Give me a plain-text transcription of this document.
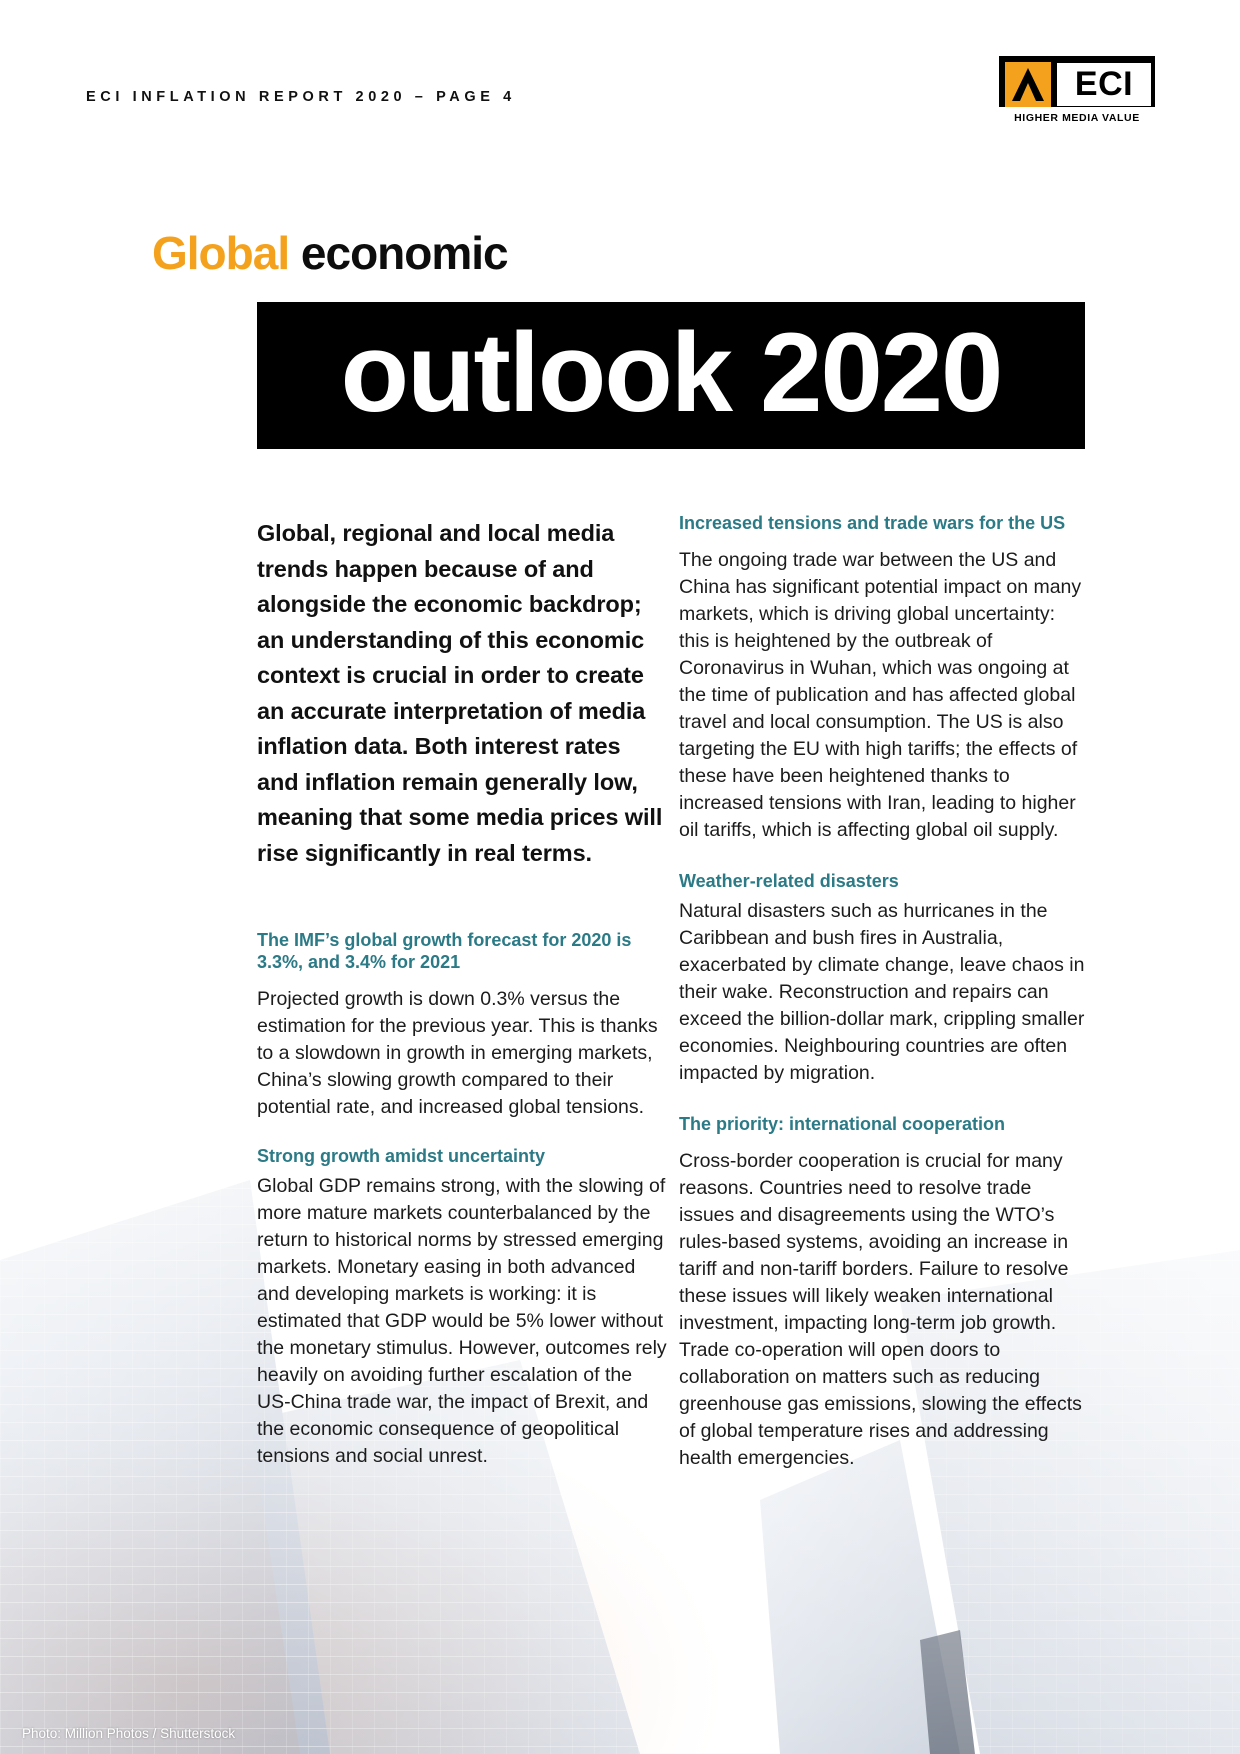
ECI INFLATION REPORT 2020 – PAGE 4	ECI
HIGHER MEDIA VALUE
Global economic
outlook 2020

Global, regional and local media trends happen because of and alongside the economic backdrop; an understanding of this economic context is crucial in order to create an accurate interpretation of media inflation data. Both interest rates and inflation remain generally low, meaning that some media prices will rise significantly in real terms.

The IMF’s global growth forecast for 2020 is 3.3%, and 3.4% for 2021

Projected growth is down 0.3% versus the estimation for the previous year. This is thanks to a slowdown in growth in emerging markets, China’s slowing growth compared to their potential rate, and increased global tensions.

Strong growth amidst uncertainty

Global GDP remains strong, with the slowing of more mature markets counterbalanced by the return to historical norms by stressed emerging markets. Monetary easing in both advanced and developing markets is working: it is estimated that GDP would be 5% lower without the monetary stimulus. However, outcomes rely heavily on avoiding further escalation of the US-China trade war, the impact of Brexit, and the economic consequence of geopolitical tensions and social unrest.

Increased tensions and trade wars for the US

The ongoing trade war between the US and China has significant potential impact on many markets, which is driving global uncertainty: this is heightened by the outbreak of Coronavirus in Wuhan, which was ongoing at the time of publication and has affected global travel and local consumption. The US is also targeting the EU with high tariffs; the effects of these have been heightened thanks to increased tensions with Iran, leading to higher oil tariffs, which is affecting global oil supply.

Weather-related disasters

Natural disasters such as hurricanes in the Caribbean and bush fires in Australia, exacerbated by climate change, leave chaos in their wake. Reconstruction and repairs can exceed the billion-dollar mark, crippling smaller economies. Neighbouring countries are often impacted by migration.

The priority: international cooperation

Cross-border cooperation is crucial for many reasons. Countries need to resolve trade issues and disagreements using the WTO’s rules-based systems, avoiding an increase in tariff and non-tariff borders. Failure to resolve these issues will likely weaken international investment, impacting long-term job growth. Trade co-operation will open doors to collaboration on matters such as reducing greenhouse gas emissions, slowing the effects of global temperature rises and addressing health emergencies.

Photo: Million Photos / Shutterstock
